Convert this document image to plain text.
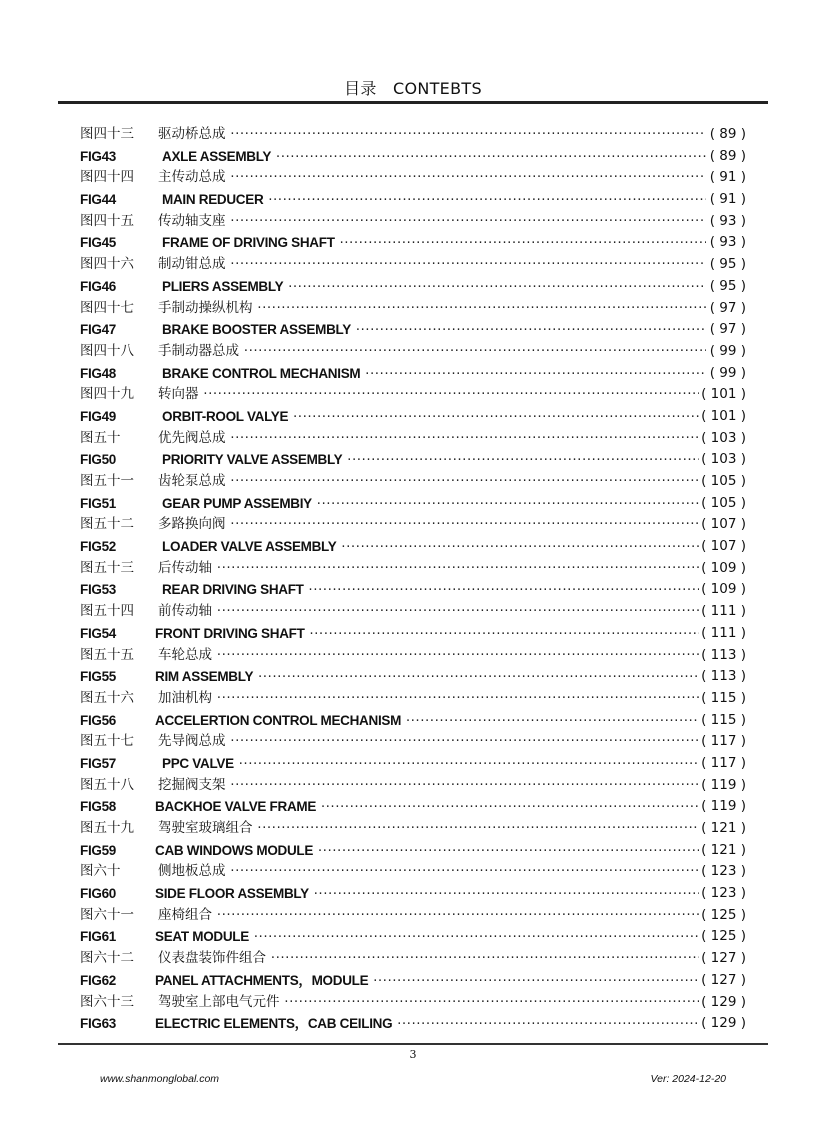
目录　CONTEBTS
图四十三 驱动桥总成 ·····	( 89 )
FIG43	AXLE ASSEMBLY ·····	( 89 )
图四十四 主传动总成 ·····	( 91 )
FIG44	MAIN REDUCER ·····	( 91 )
图四十五 传动轴支座 ·····	( 93 )
FIG45	FRAME OF DRIVING SHAFT ·····	( 93 )
图四十六 制动钳总成 ·····	( 95 )
FIG46	PLIERS ASSEMBLY ·····	( 95 )
图四十七 手制动操纵机构 ·····	( 97 )
FIG47	BRAKE BOOSTER ASSEMBLY ·····	( 97 )
图四十八 手制动器总成 ·····	( 99 )
FIG48	BRAKE CONTROL MECHANISM ·····	( 99 )
图四十九 转向器 ·····	( 101 )
FIG49	ORBIT-ROOL VALYE ·····	( 101 )
图五十	优先阀总成 ·····	( 103 )
FIG50	PRIORITY VALVE ASSEMBLY ·····	( 103 )
图五十一 齿轮泵总成 ·····	( 105 )
FIG51	GEAR PUMP ASSEMBIY ·····	( 105 )
图五十二 多路换向阀 ·····	( 107 )
FIG52	LOADER VALVE ASSEMBLY ·····	( 107 )
图五十三 后传动轴 ·····	( 109 )
FIG53	REAR DRIVING SHAFT ·····	( 109 )
图五十四 前传动轴 ·····	( 111 )
FIG54	FRONT DRIVING SHAFT ·····	( 111 )
图五十五 车轮总成 ·····	( 113 )
FIG55	RIM ASSEMBLY ·····	( 113 )
图五十六 加油机构 ·····	( 115 )
FIG56	ACCELERTION CONTROL MECHANISM ·····	( 115 )
图五十七 先导阀总成 ·····	( 117 )
FIG57	PPC VALVE ·····	( 117 )
图五十八 挖掘阀支架 ·····	( 119 )
FIG58	BACKHOE VALVE FRAME ·····	( 119 )
图五十九 驾驶室玻璃组合 ·····	( 121 )
FIG59	CAB WINDOWS MODULE ·····	( 121 )
图六十	侧地板总成 ·····	( 123 )
FIG60	SIDE FLOOR ASSEMBLY ·····	( 123 )
图六十一 座椅组合 ·····	( 125 )
FIG61	SEAT MODULE ·····	( 125 )
图六十二 仪表盘装饰件组合 ·····	( 127 )
FIG62	PANEL ATTACHMENTS，MODULE ·····	( 127 )
图六十三 驾驶室上部电气元件 ·····	( 129 )
FIG63	ELECTRIC ELEMENTS，CAB CEILING ·····	( 129 )
3
www.shanmonglobal.com	Ver: 2024-12-20
